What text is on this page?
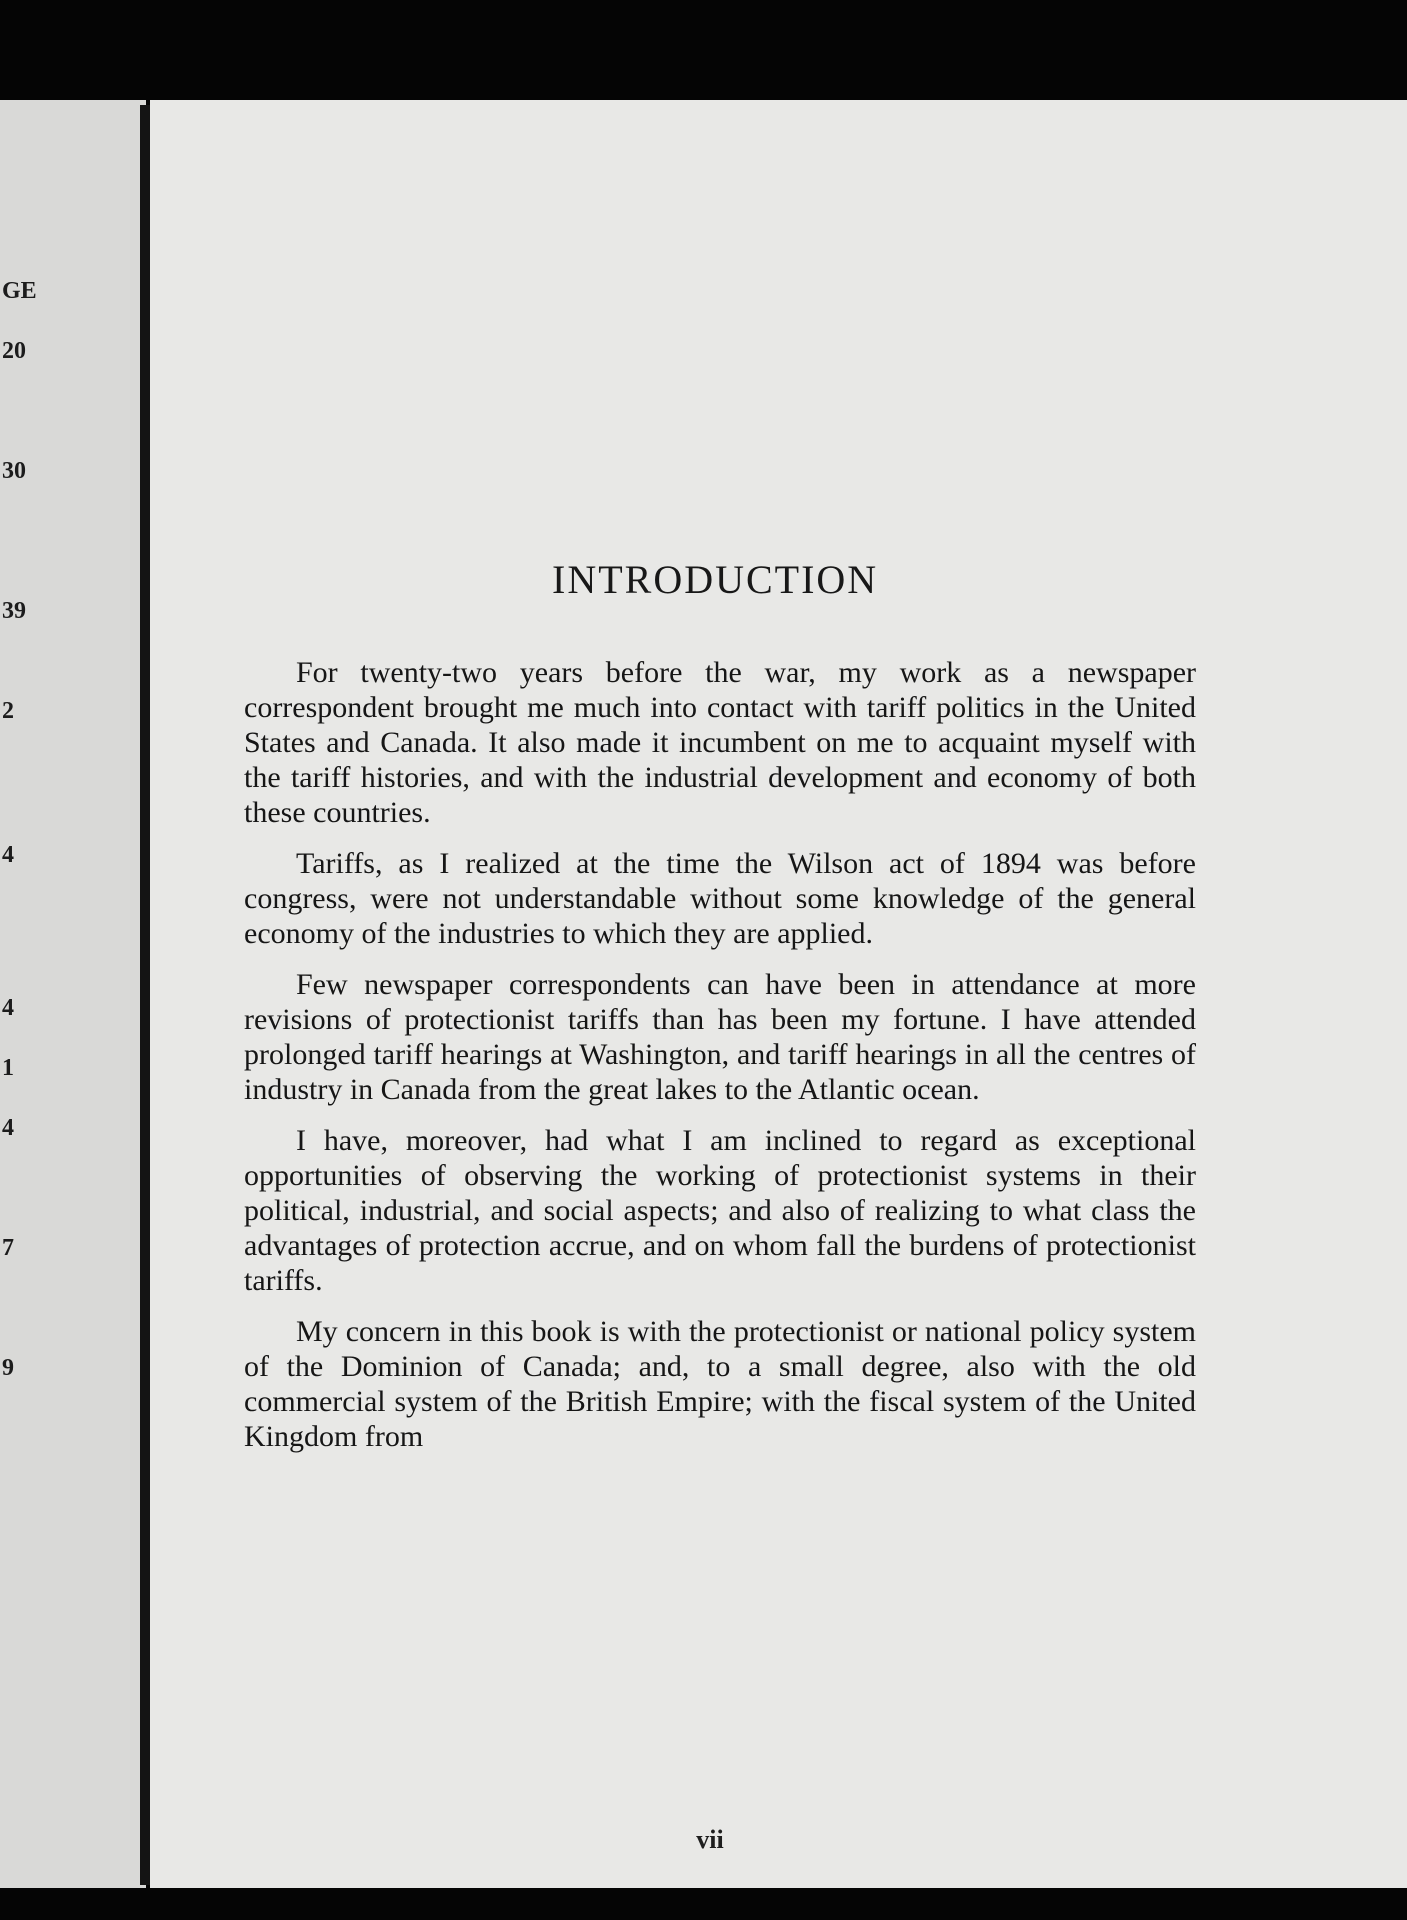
GE
20
30
39
2
4
4
1
4
7
9
INTRODUCTION

For twenty-two years before the war, my work as a newspaper correspondent brought me much into contact with tariff politics in the United States and Canada. It also made it incumbent on me to acquaint myself with the tariff histories, and with the industrial development and economy of both these countries.

Tariffs, as I realized at the time the Wilson act of 1894 was before congress, were not understandable without some knowledge of the general economy of the industries to which they are applied.

Few newspaper correspondents can have been in attendance at more revisions of protectionist tariffs than has been my fortune. I have attended prolonged tariff hearings at Washington, and tariff hearings in all the centres of industry in Canada from the great lakes to the Atlantic ocean.

I have, moreover, had what I am inclined to regard as exceptional opportunities of observing the working of protectionist systems in their political, industrial, and social aspects; and also of realizing to what class the advantages of protection accrue, and on whom fall the burdens of protectionist tariffs.

My concern in this book is with the protectionist or national policy system of the Dominion of Canada; and, to a small degree, also with the old commercial system of the British Empire; with the fiscal system of the United Kingdom from

vii
